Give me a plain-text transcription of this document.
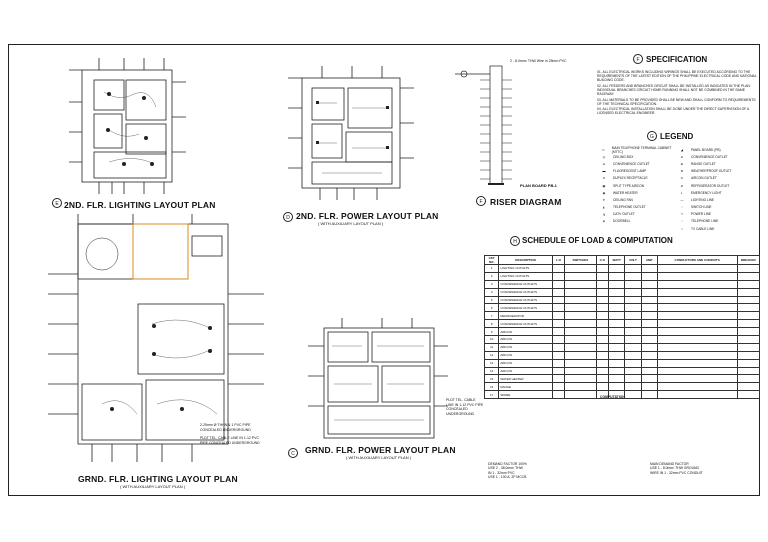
E 2ND. FLR. LIGHTING LAYOUT PLAN
D 2ND. FLR. POWER LAYOUT PLAN
( WITH AUXILIARY LAYOUT PLAN )
2 - 8.0mm² THW Wire in 25mm PVC
PLAN BOARD PB-1
F RISER DIAGRAM
F SPECIFICATION

01. ALL ELECTRICAL WORKS INCLUDING WIRINGS SHALL BE EXECUTED ACCORDING TO THE REQUIREMENTS OF THE LATEST EDITION OF THE PHILIPPINE ELECTRICAL CODE AND NATIONAL BUILDING CODE.

02. ALL FEEDERS AND BRANCHES CIRCUIT SHALL BE INSTALLED AS INDICATED IN THE PLAN. INDIVIDUAL BRANCHES CIRCUIT HOME RUNNING SHALL NOT BE COMBINED IN THE SAME RACEWAY.

03. ALL MATERIALS TO BE PROVIDED SHALL BE NEW AND SHALL CONFORM TO REQUIREMENTS OF THE TECHNICAL SPECIFICATION.

04. ALL ELECTRICAL INSTALLATION SHALL BE DONE UNDER THE DIRECT SUPERVISION OF A LICENSED ELECTRICAL ENGINEER.

G LEGEND
▭	MAIN TELEPHONE TERMINAL CABINET (MTTC)
◎	CEILING BOX
⊖	CONVENIENCE OUTLET
▬	FLUORESCENT LAMP
⊜	DUPLEX RECEPTACLE
▣	SPLIT TYPE AIRCON
◉	WATER HEATER
✢	CEILING FAN
◭	TELEPHONE OUTLET
◮	CATV OUTLET
◈	DOORBELL
◢	PANEL BOARD (PB)
⊖	CONVENIENCE OUTLET
⊕	RANGE OUTLET
⊗	WEATHERPROOF OUTLET
⊙	AIRCON OUTLET
⊘	REFRIGERATOR OUTLET
◐	EMERGENCY LIGHT
—	LIGHTING LINE
┄	SWITCH LINE
═	POWER LINE
╌	TELEPHONE LINE
┉	TV CABLE LINE
2-25mm Ø THHN & 1 PVC PIPE CONCEALED UNDERGROUND
PLDT TEL. CABLE LINE IN 1-12 PVC PIPE CONCEALED UNDERGROUND
GRND. FLR. LIGHTING LAYOUT PLAN
( WITH AUXILIARY LAYOUT PLAN )
PLDT TEL. CABLE LINE IN 1-12 PVC PIPE CONCEALED UNDERGROUND
C	GRND. FLR. POWER LAYOUT PLAN
( WITH AUXILIARY LAYOUT PLAN )
H SCHEDULE OF LOAD & COMPUTATION
CKT NO.	DESCRIPTION	L.O	SWITCHES	C.O	WATT	VOLT	AMP	CONDUCTORS AND CONDUITS	BREAKER
1	LIGHTING OUTLETS								
2	LIGHTING OUTLETS								
3	CONVENIENCE OUTLETS								
4	CONVENIENCE OUTLETS								
5	CONVENIENCE OUTLETS								
6	CONVENIENCE OUTLETS								
7	REFRIGERATOR								
8	CONVENIENCE OUTLETS								
9	AIRCON								
10	AIRCON								
11	AIRCON								
12	AIRCON								
13	AIRCON								
14	AIRCON								
15	WATER HEATER								
16	RANGE								
17	SPARE								
COMPUTATION
DEMAND FACTOR 100%
USE 2 - 38.0mm² THW
IN 1 - 32mm PVC
USE 1 - 100 A, 2P MCCB
MAIN DEMAND FACTOR
USE 1 - 8.0mm² THW GROUND
WIRE IN 1 - 32mm PVC CONDUIT
